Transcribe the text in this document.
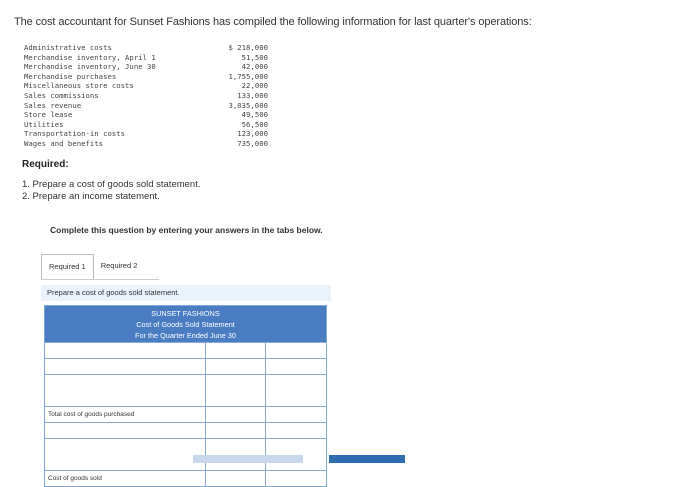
The cost accountant for Sunset Fashions has compiled the following information for last quarter's operations:
Administrative costs
Merchandise inventory, April 1
Merchandise inventory, June 30
Merchandise purchases
Miscellaneous store costs
Sales commissions
Sales revenue
Store lease
Utilities
Transportation-in costs
Wages and benefits
$ 218,000
51,500
42,000
1,755,000
22,000
133,000
3,035,000
49,500
56,500
123,000
735,000
Required:
1. Prepare a cost of goods sold statement.
2. Prepare an income statement.
Complete this question by entering your answers in the tabs below.
Required 1	Required 2
Prepare a cost of goods sold statement.
SUNSET FASHIONS
Cost of Goods Sold Statement
For the Quarter Ended June 30
Total cost of goods purchased
Cost of goods sold
